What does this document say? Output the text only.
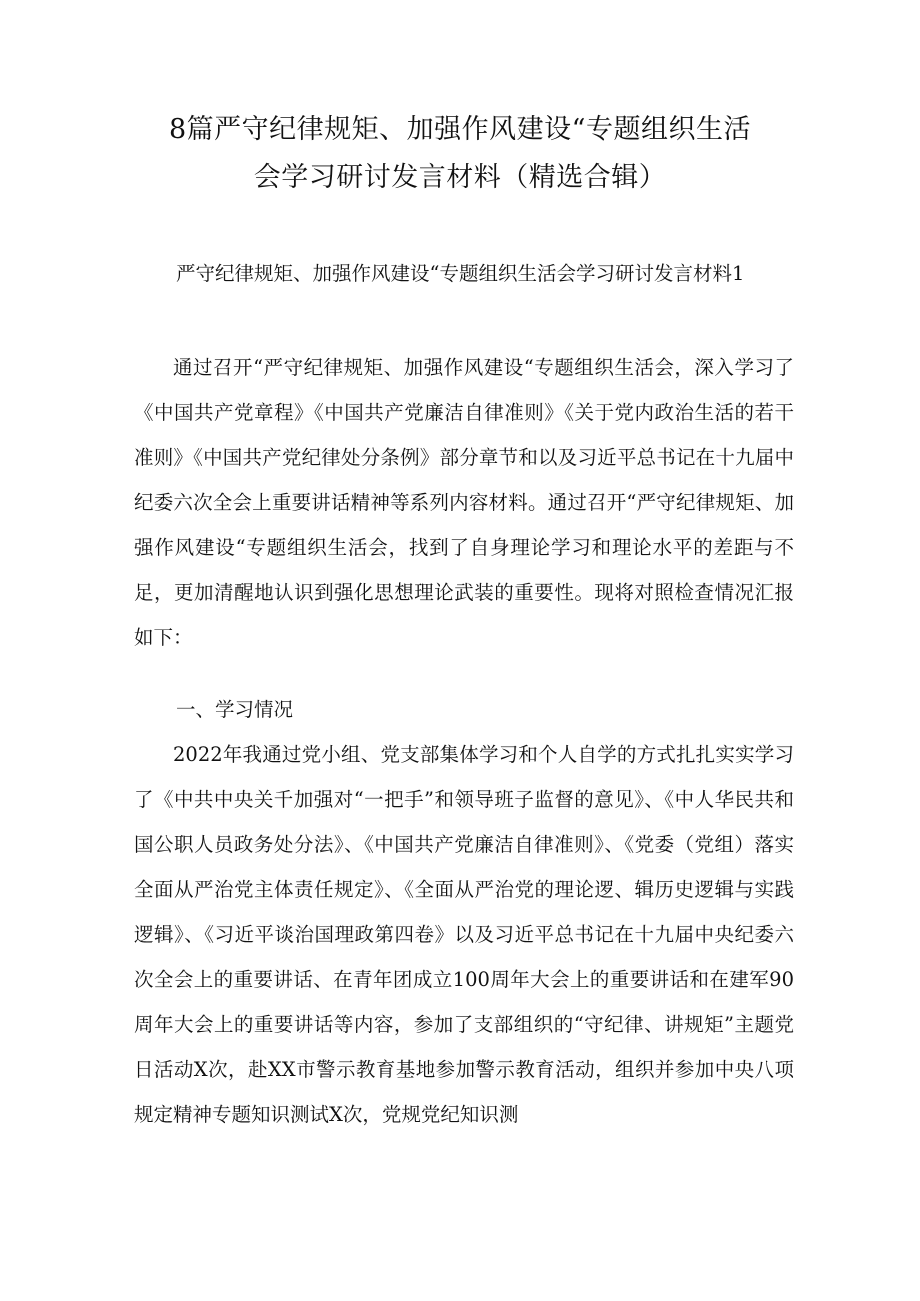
8篇严守纪律规矩、加强作风建设“专题组织生活
会学习研讨发言材料（精选合辑）
严守纪律规矩、加强作风建设“专题组织生活会学习研讨发言材料1

通过召开“严守纪律规矩、加强作风建设“专题组织生活会，深入学习了《中国共产党章程》《中国共产党廉洁自律准则》《关于党内政治生活的若干准则》《中国共产党纪律处分条例》部分章节和以及习近平总书记在十九届中纪委六次全会上重要讲话精神等系列内容材料。通过召开“严守纪律规矩、加强作风建设“专题组织生活会，找到了自身理论学习和理论水平的差距与不足，更加清醒地认识到强化思想理论武装的重要性。现将对照检查情况汇报如下：

一、学习情况

2022年我通过党小组、党支部集体学习和个人自学的方式扎扎实实学习了《中共中央关千加强对“一把手”和领导班子监督的意见》、《中人华民共和国公职人员政务处分法》、《中国共产党廉洁自律准则》、《党委（党组）落实全面从严治党主体责任规定》、《全面从严治党的理论逻、辑历史逻辑与实践逻辑》、《习近平谈治国理政第四卷》以及习近平总书记在十九届中央纪委六次全会上的重要讲话、在青年团成立100周年大会上的重要讲话和在建军90周年大会上的重要讲话等内容，参加了支部组织的“守纪律、讲规矩”主题党日活动X次，赴XX市警示教育基地参加警示教育活动，组织并参加中央八项规定精神专题知识测试X次，党规党纪知识测
